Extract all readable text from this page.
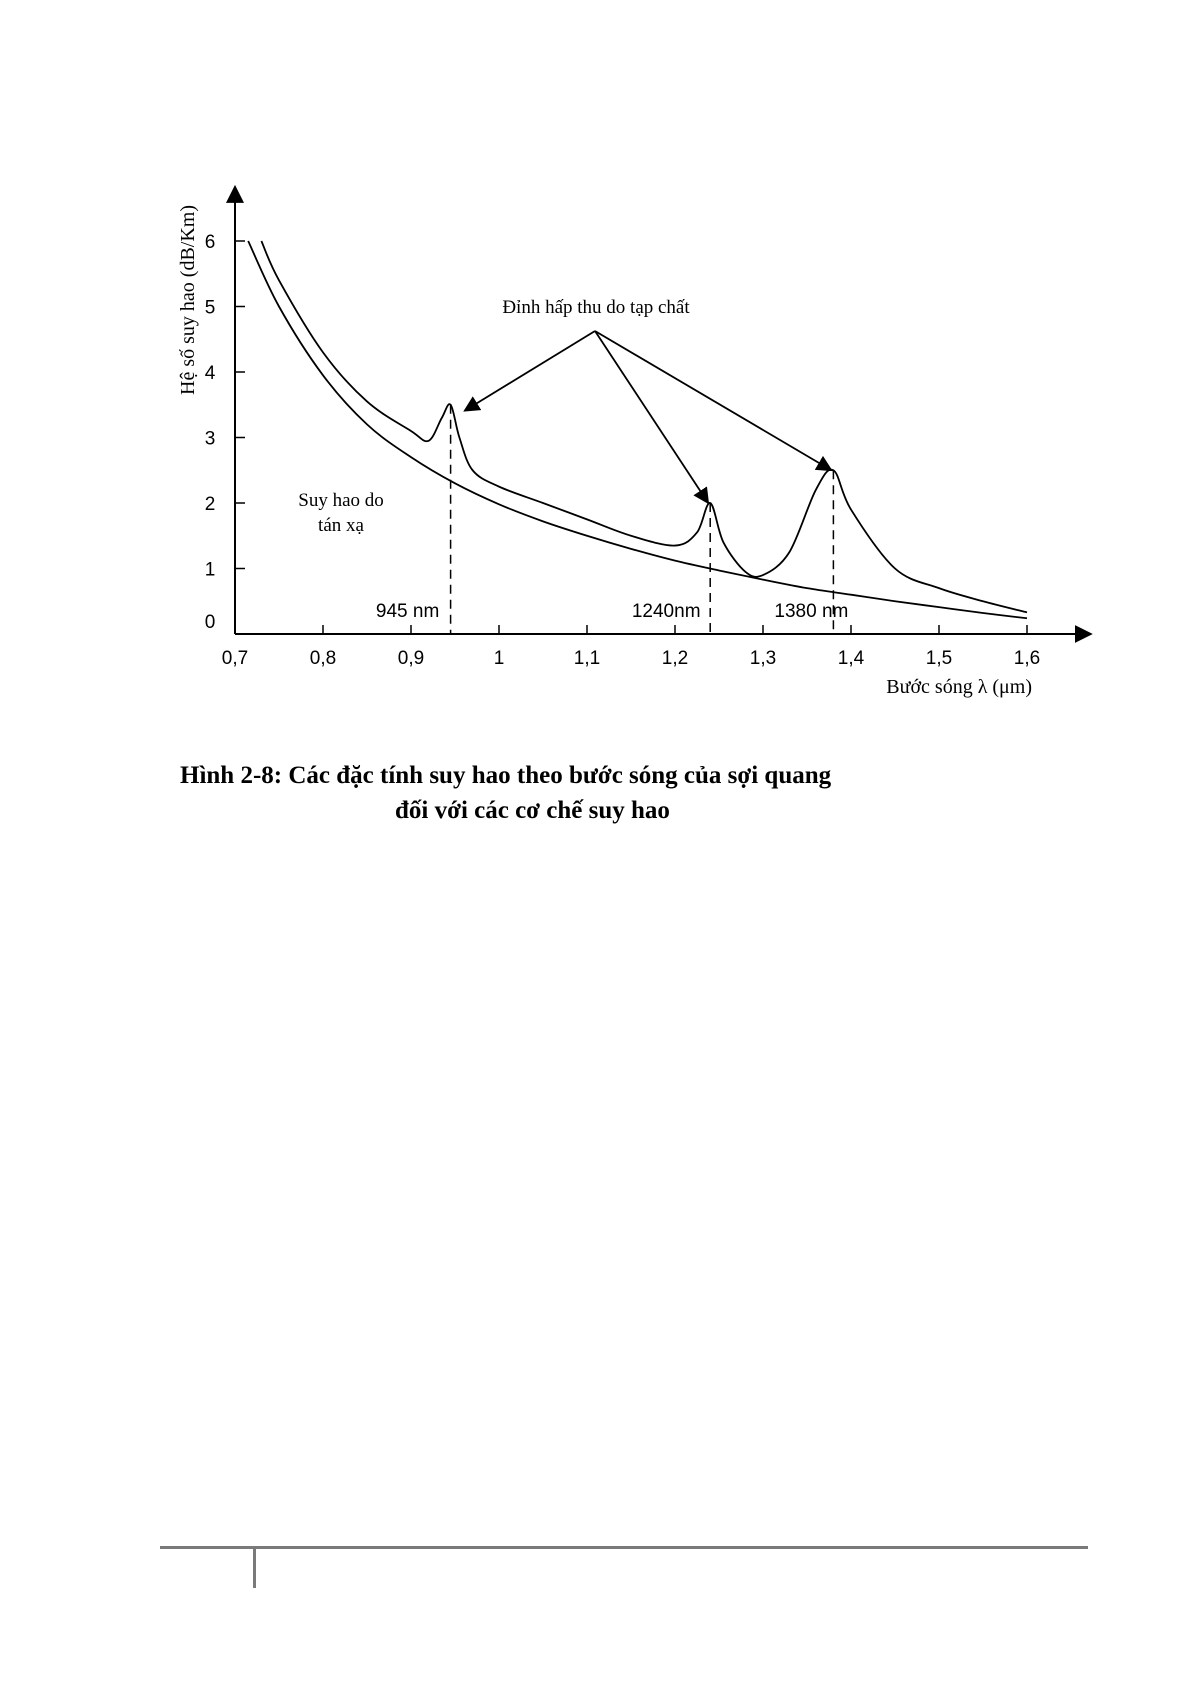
0,7	0,8	0,9	1	1,1	1,2	1,3	1,4	1,5	1,6
0
1
2
3
4
5
6
945 nm	1240nm	1380 nm
Hệ số suy hao (dB/Km)
Bước sóng λ (μm)
Đỉnh hấp thu do tạp chất
Suy hao do
tán xạ
Hình 2-8: Các đặc tính suy hao theo bước sóng của sợi quang
đối với các cơ chế suy hao
